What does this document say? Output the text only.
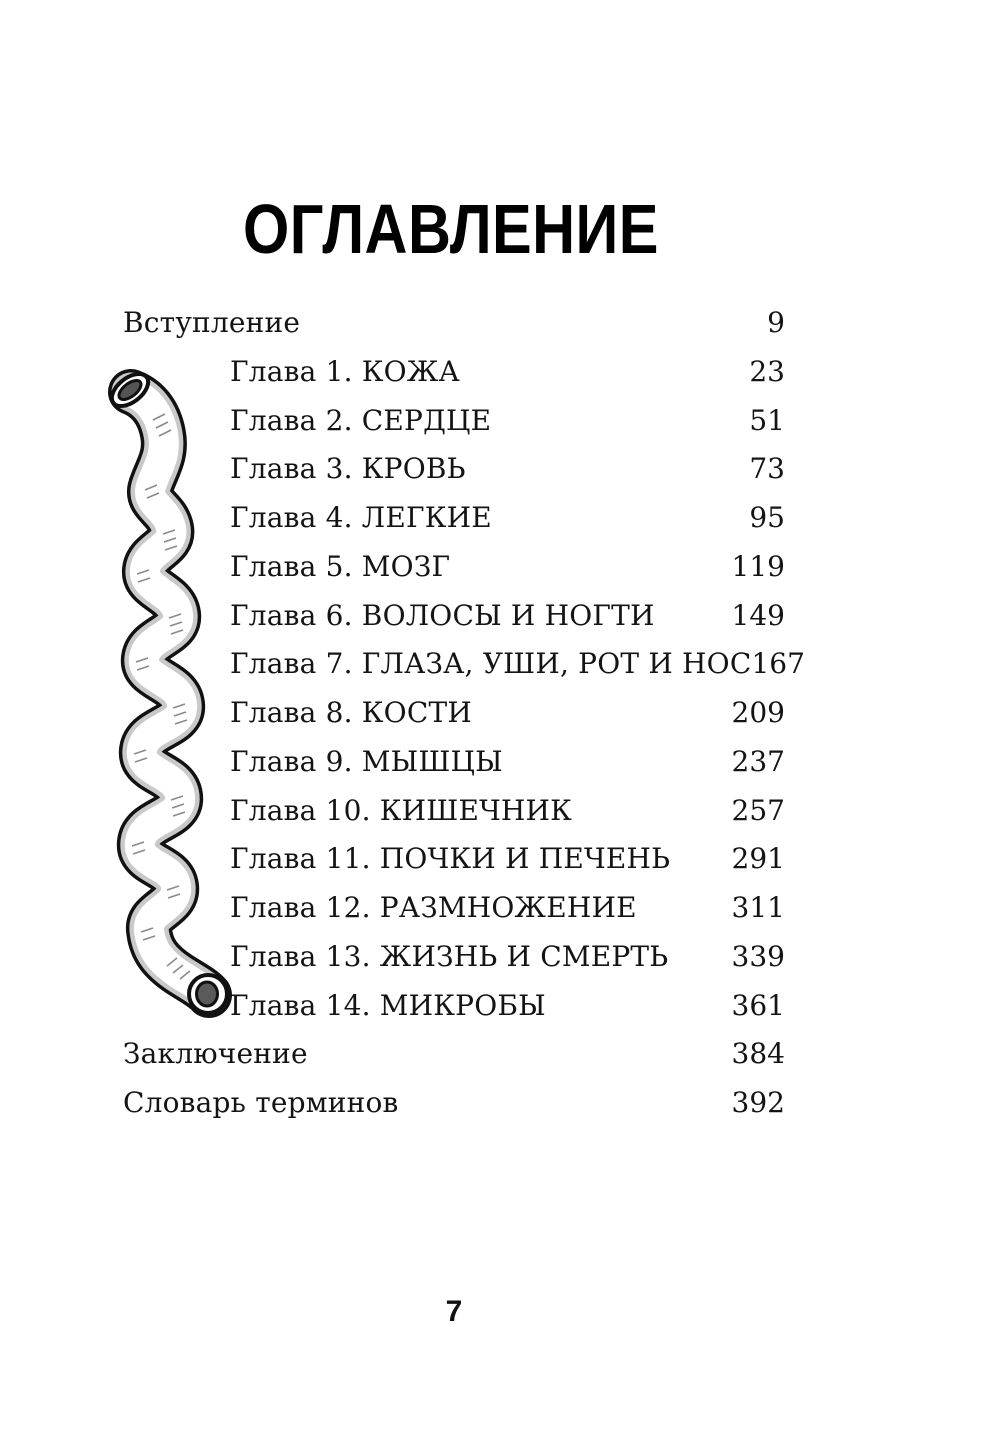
ОГЛАВЛЕНИЕ
Вступление	9
Глава 1. КОЖА	23
Глава 2. СЕРДЦЕ	51
Глава 3. КРОВЬ	73
Глава 4. ЛЕГКИЕ	95
Глава 5. МОЗГ	119
Глава 6. ВОЛОСЫ И НОГТИ	149
Глава 7. ГЛАЗА, УШИ, РОТ И НОС 167
Глава 8. КОСТИ	209
Глава 9. МЫШЦЫ	237
Глава 10. КИШЕЧНИК	257
Глава 11. ПОЧКИ И ПЕЧЕНЬ 291
Глава 12. РАЗМНОЖЕНИЕ	311
Глава 13. ЖИЗНЬ И СМЕРТЬ 339
Глава 14. МИКРОБЫ	361
Заключение	384
Словарь терминов	392
7
